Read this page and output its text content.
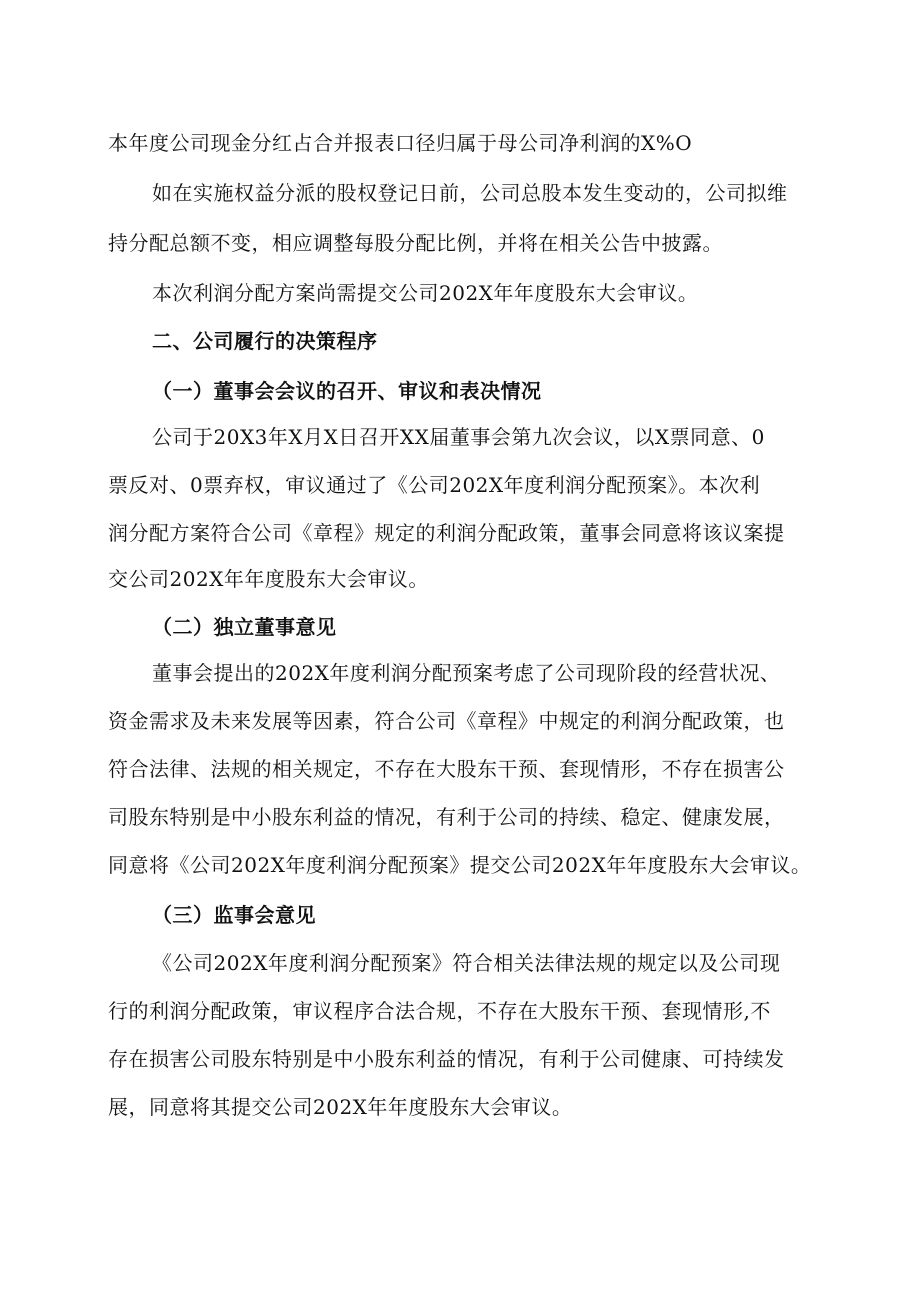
本年度公司现金分红占合并报表口径归属于母公司净利润的X%O
如在实施权益分派的股权登记日前，公司总股本发生变动的，公司拟维
持分配总额不变，相应调整每股分配比例，并将在相关公告中披露。
本次利润分配方案尚需提交公司202X年年度股东大会审议。
二、公司履行的决策程序
（一）董事会会议的召开、审议和表决情况
公司于20X3年X月X日召开XX届董事会第九次会议，以X票同意、0
票反对、0票弃权，审议通过了《公司202X年度利润分配预案》。本次利
润分配方案符合公司《章程》规定的利润分配政策，董事会同意将该议案提
交公司202X年年度股东大会审议。
（二）独立董事意见
董事会提出的202X年度利润分配预案考虑了公司现阶段的经营状况、
资金需求及未来发展等因素，符合公司《章程》中规定的利润分配政策，也
符合法律、法规的相关规定，不存在大股东干预、套现情形，不存在损害公
司股东特别是中小股东利益的情况，有利于公司的持续、稳定、健康发展，
同意将《公司202X年度利润分配预案》提交公司202X年年度股东大会审议。
（三）监事会意见
《公司202X年度利润分配预案》符合相关法律法规的规定以及公司现
行的利润分配政策，审议程序合法合规，不存在大股东干预、套现情形,不
存在损害公司股东特别是中小股东利益的情况，有利于公司健康、可持续发
展，同意将其提交公司202X年年度股东大会审议。
